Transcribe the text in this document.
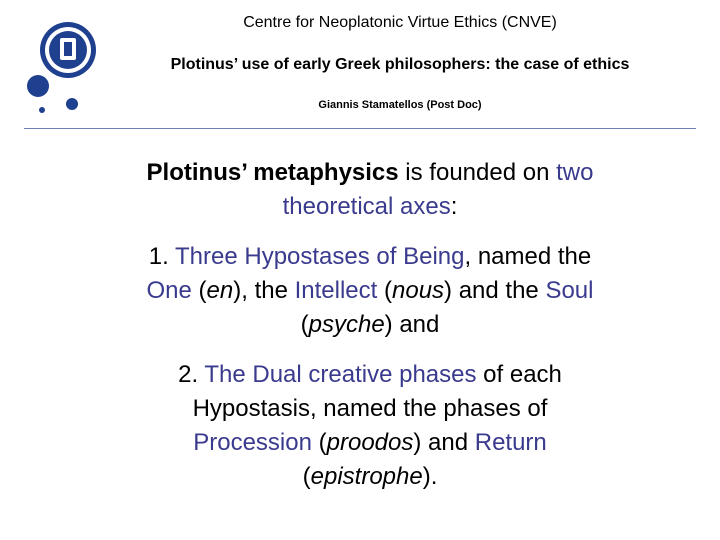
Centre for Neoplatonic Virtue Ethics (CNVE)
Plotinus’ use of early Greek philosophers: the case of ethics
Giannis Stamatellos (Post Doc)
Plotinus’ metaphysics is founded on two
theoretical axes:
1. Three Hypostases of Being, named the
One (en), the Intellect (nous) and the Soul
(psyche) and
2. The Dual creative phases of each
Hypostasis, named the phases of
Procession (proodos) and Return
(epistrophe).
